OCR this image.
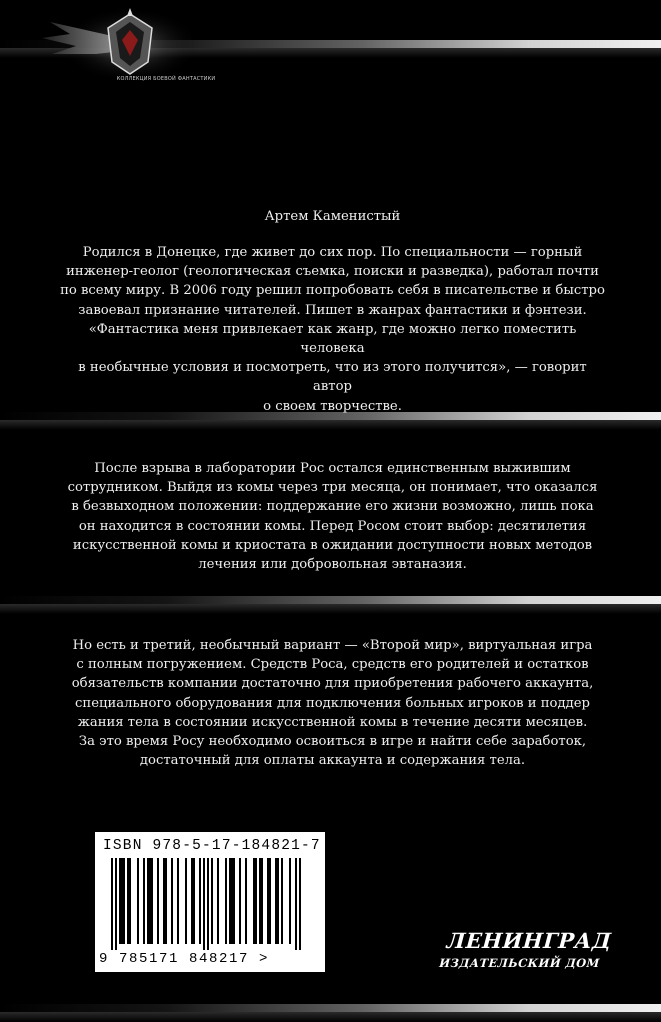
КОЛЛЕКЦИЯ БОЕВОЙ ФАНТАСТИКИ

Артем Каменистый

Родился в Донецке, где живет до сих пор. По специальности — горный

инженер-геолог (геологическая съемка, поиски и разведка), работал почти

по всему миру. В 2006 году решил попробовать себя в писательстве и быстро

завоевал признание читателей. Пишет в жанрах фантастики и фэнтези.

«Фантастика меня привлекает как жанр, где можно легко поместить человека

в необычные условия и посмотреть, что из этого получится», — говорит автор

о своем творчестве.

После взрыва в лаборатории Рос остался единственным выжившим

сотрудником. Выйдя из комы через три месяца, он понимает, что оказался

в безвыходном положении: поддержание его жизни возможно, лишь пока

он находится в состоянии комы. Перед Росом стоит выбор: десятилетия

искусственной комы и криостата в ожидании доступности новых методов

лечения или добровольная эвтаназия.

Но есть и третий, необычный вариант — «Второй мир», виртуальная игра

с полным погружением. Средств Роса, средств его родителей и остатков

обязательств компании достаточно для приобретения рабочего аккаунта,

специального оборудования для подключения больных игроков и поддер

жания тела в состоянии искусственной комы в течение десяти месяцев.

За это время Росу необходимо освоиться в игре и найти себе заработок,

достаточный для оплаты аккаунта и содержания тела.

ISBN 978-5-17-184821-7
9 785171 848217 >
ЛЕНИНГРАД
ИЗДАТЕЛЬСКИЙ ДОМ
